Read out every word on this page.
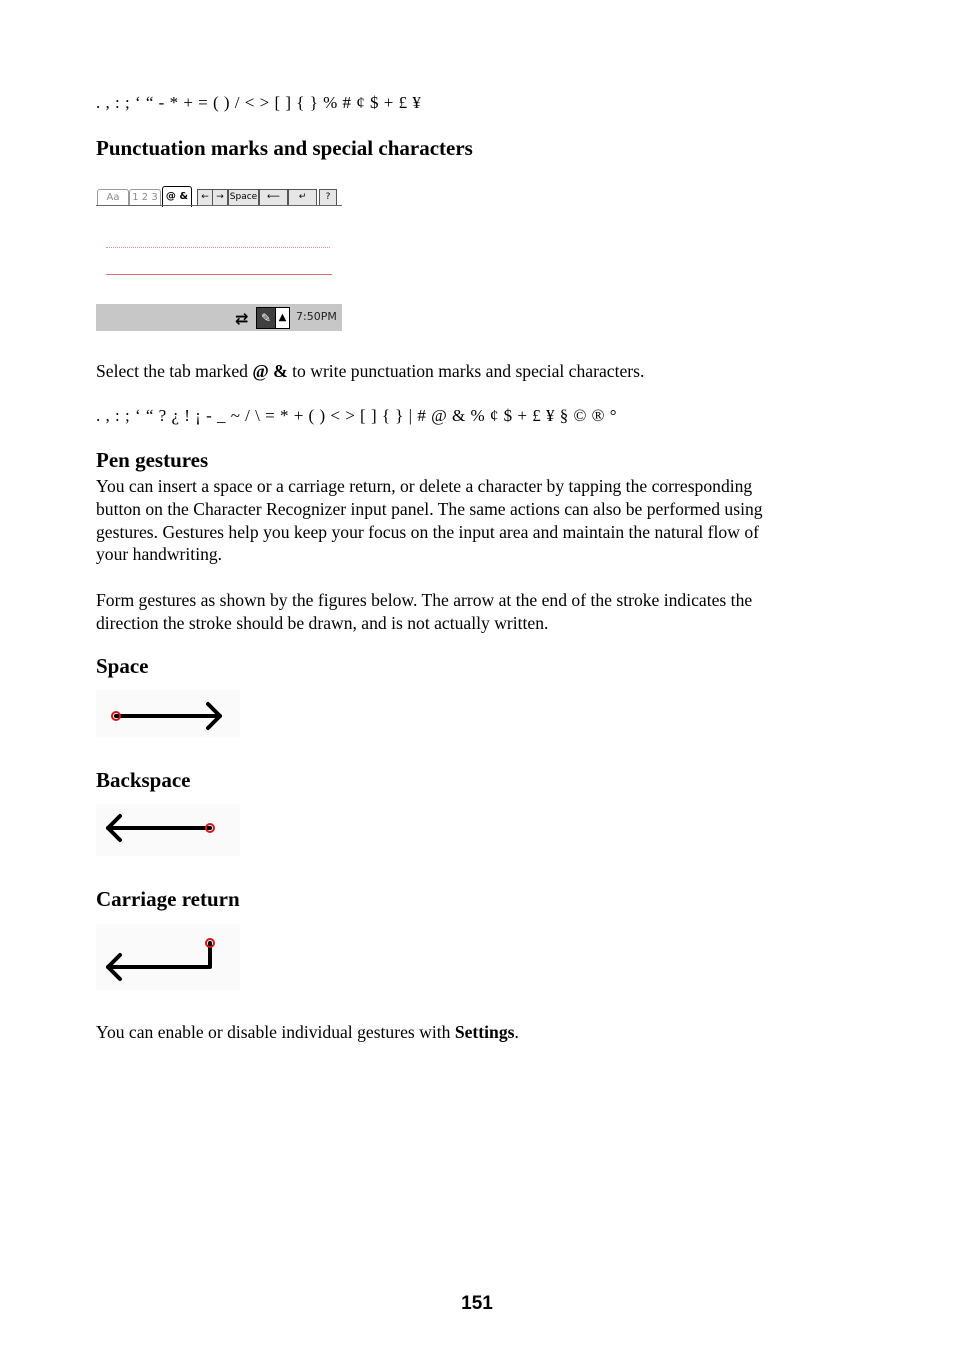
. , : ; ‘ “ - * + = ( ) / < > [ ] { } % # ¢ $ + £ ¥
Punctuation marks and special characters
Aa	1 2 3 @ &	← → Space	⟵	↵	?
⇄	✎ ▲ 7:50PM
Select the tab marked @ & to write punctuation marks and special characters.
. , : ; ‘ “ ? ¿ ! ¡ - _ ~ / \ = * + ( ) < > [ ] { } | # @ & % ¢ $ + £ ¥ § © ® °
Pen gestures
You can insert a space or a carriage return, or delete a character by tapping the corresponding
button on the Character Recognizer input panel. The same actions can also be performed using
gestures. Gestures help you keep your focus on the input area and maintain the natural flow of
your handwriting.
Form gestures as shown by the figures below. The arrow at the end of the stroke indicates the
direction the stroke should be drawn, and is not actually written.
Space
Backspace
Carriage return
You can enable or disable individual gestures with Settings.
151
